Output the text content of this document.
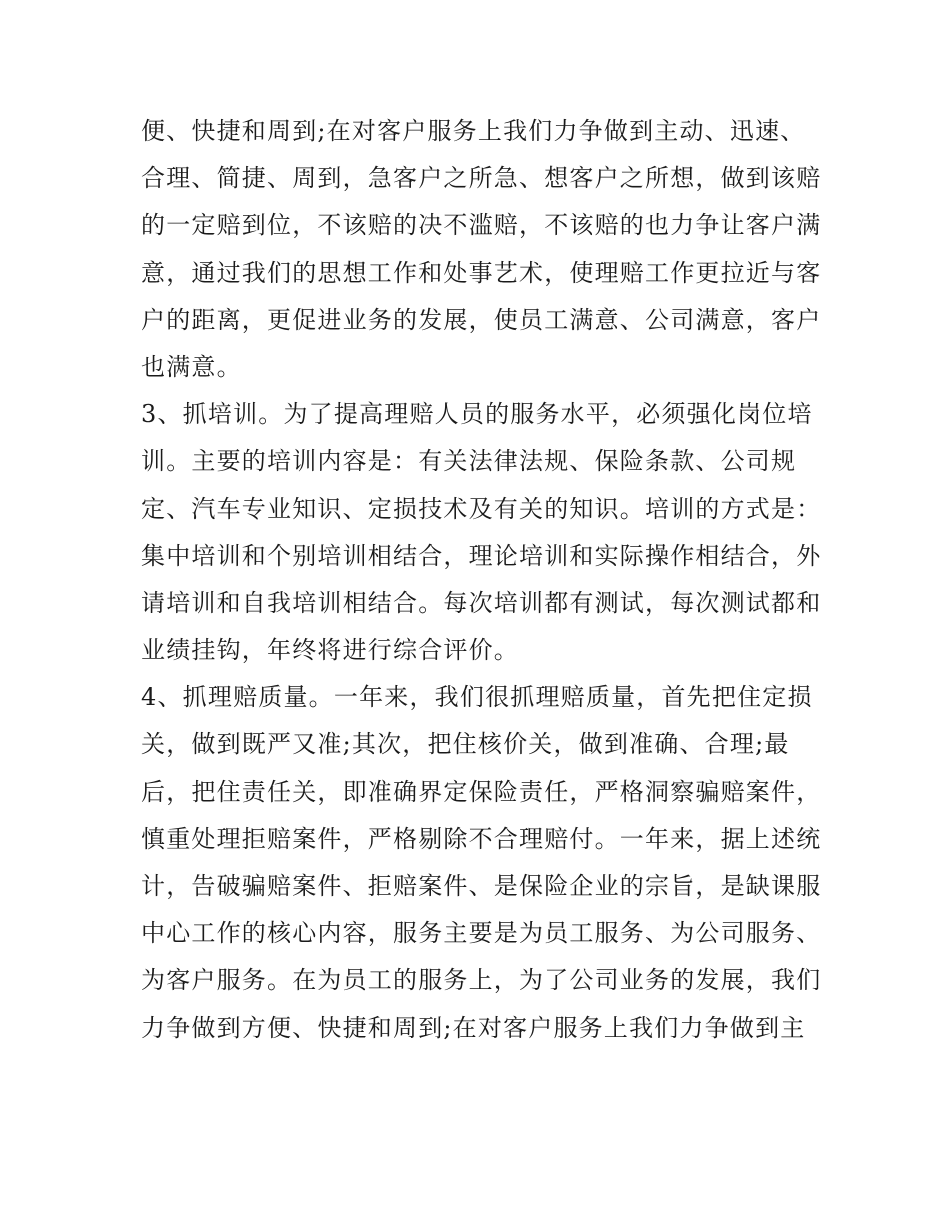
便、快捷和周到;在对客户服务上我们力争做到主动、迅速、
合理、简捷、周到，急客户之所急、想客户之所想，做到该赔
的一定赔到位，不该赔的决不滥赔，不该赔的也力争让客户满
意，通过我们的思想工作和处事艺术，使理赔工作更拉近与客
户的距离，更促进业务的发展，使员工满意、公司满意，客户
也满意。
3、抓培训。为了提高理赔人员的服务水平，必须强化岗位培
训。主要的培训内容是：有关法律法规、保险条款、公司规
定、汽车专业知识、定损技术及有关的知识。培训的方式是：
集中培训和个别培训相结合，理论培训和实际操作相结合，外
请培训和自我培训相结合。每次培训都有测试，每次测试都和
业绩挂钩，年终将进行综合评价。
4、抓理赔质量。一年来，我们很抓理赔质量，首先把住定损
关，做到既严又准;其次，把住核价关，做到准确、合理;最
后，把住责任关，即准确界定保险责任，严格洞察骗赔案件，
慎重处理拒赔案件，严格剔除不合理赔付。一年来，据上述统
计，告破骗赔案件、拒赔案件、是保险企业的宗旨，是缺课服
中心工作的核心内容，服务主要是为员工服务、为公司服务、
为客户服务。在为员工的服务上，为了公司业务的发展，我们
力争做到方便、快捷和周到;在对客户服务上我们力争做到主
